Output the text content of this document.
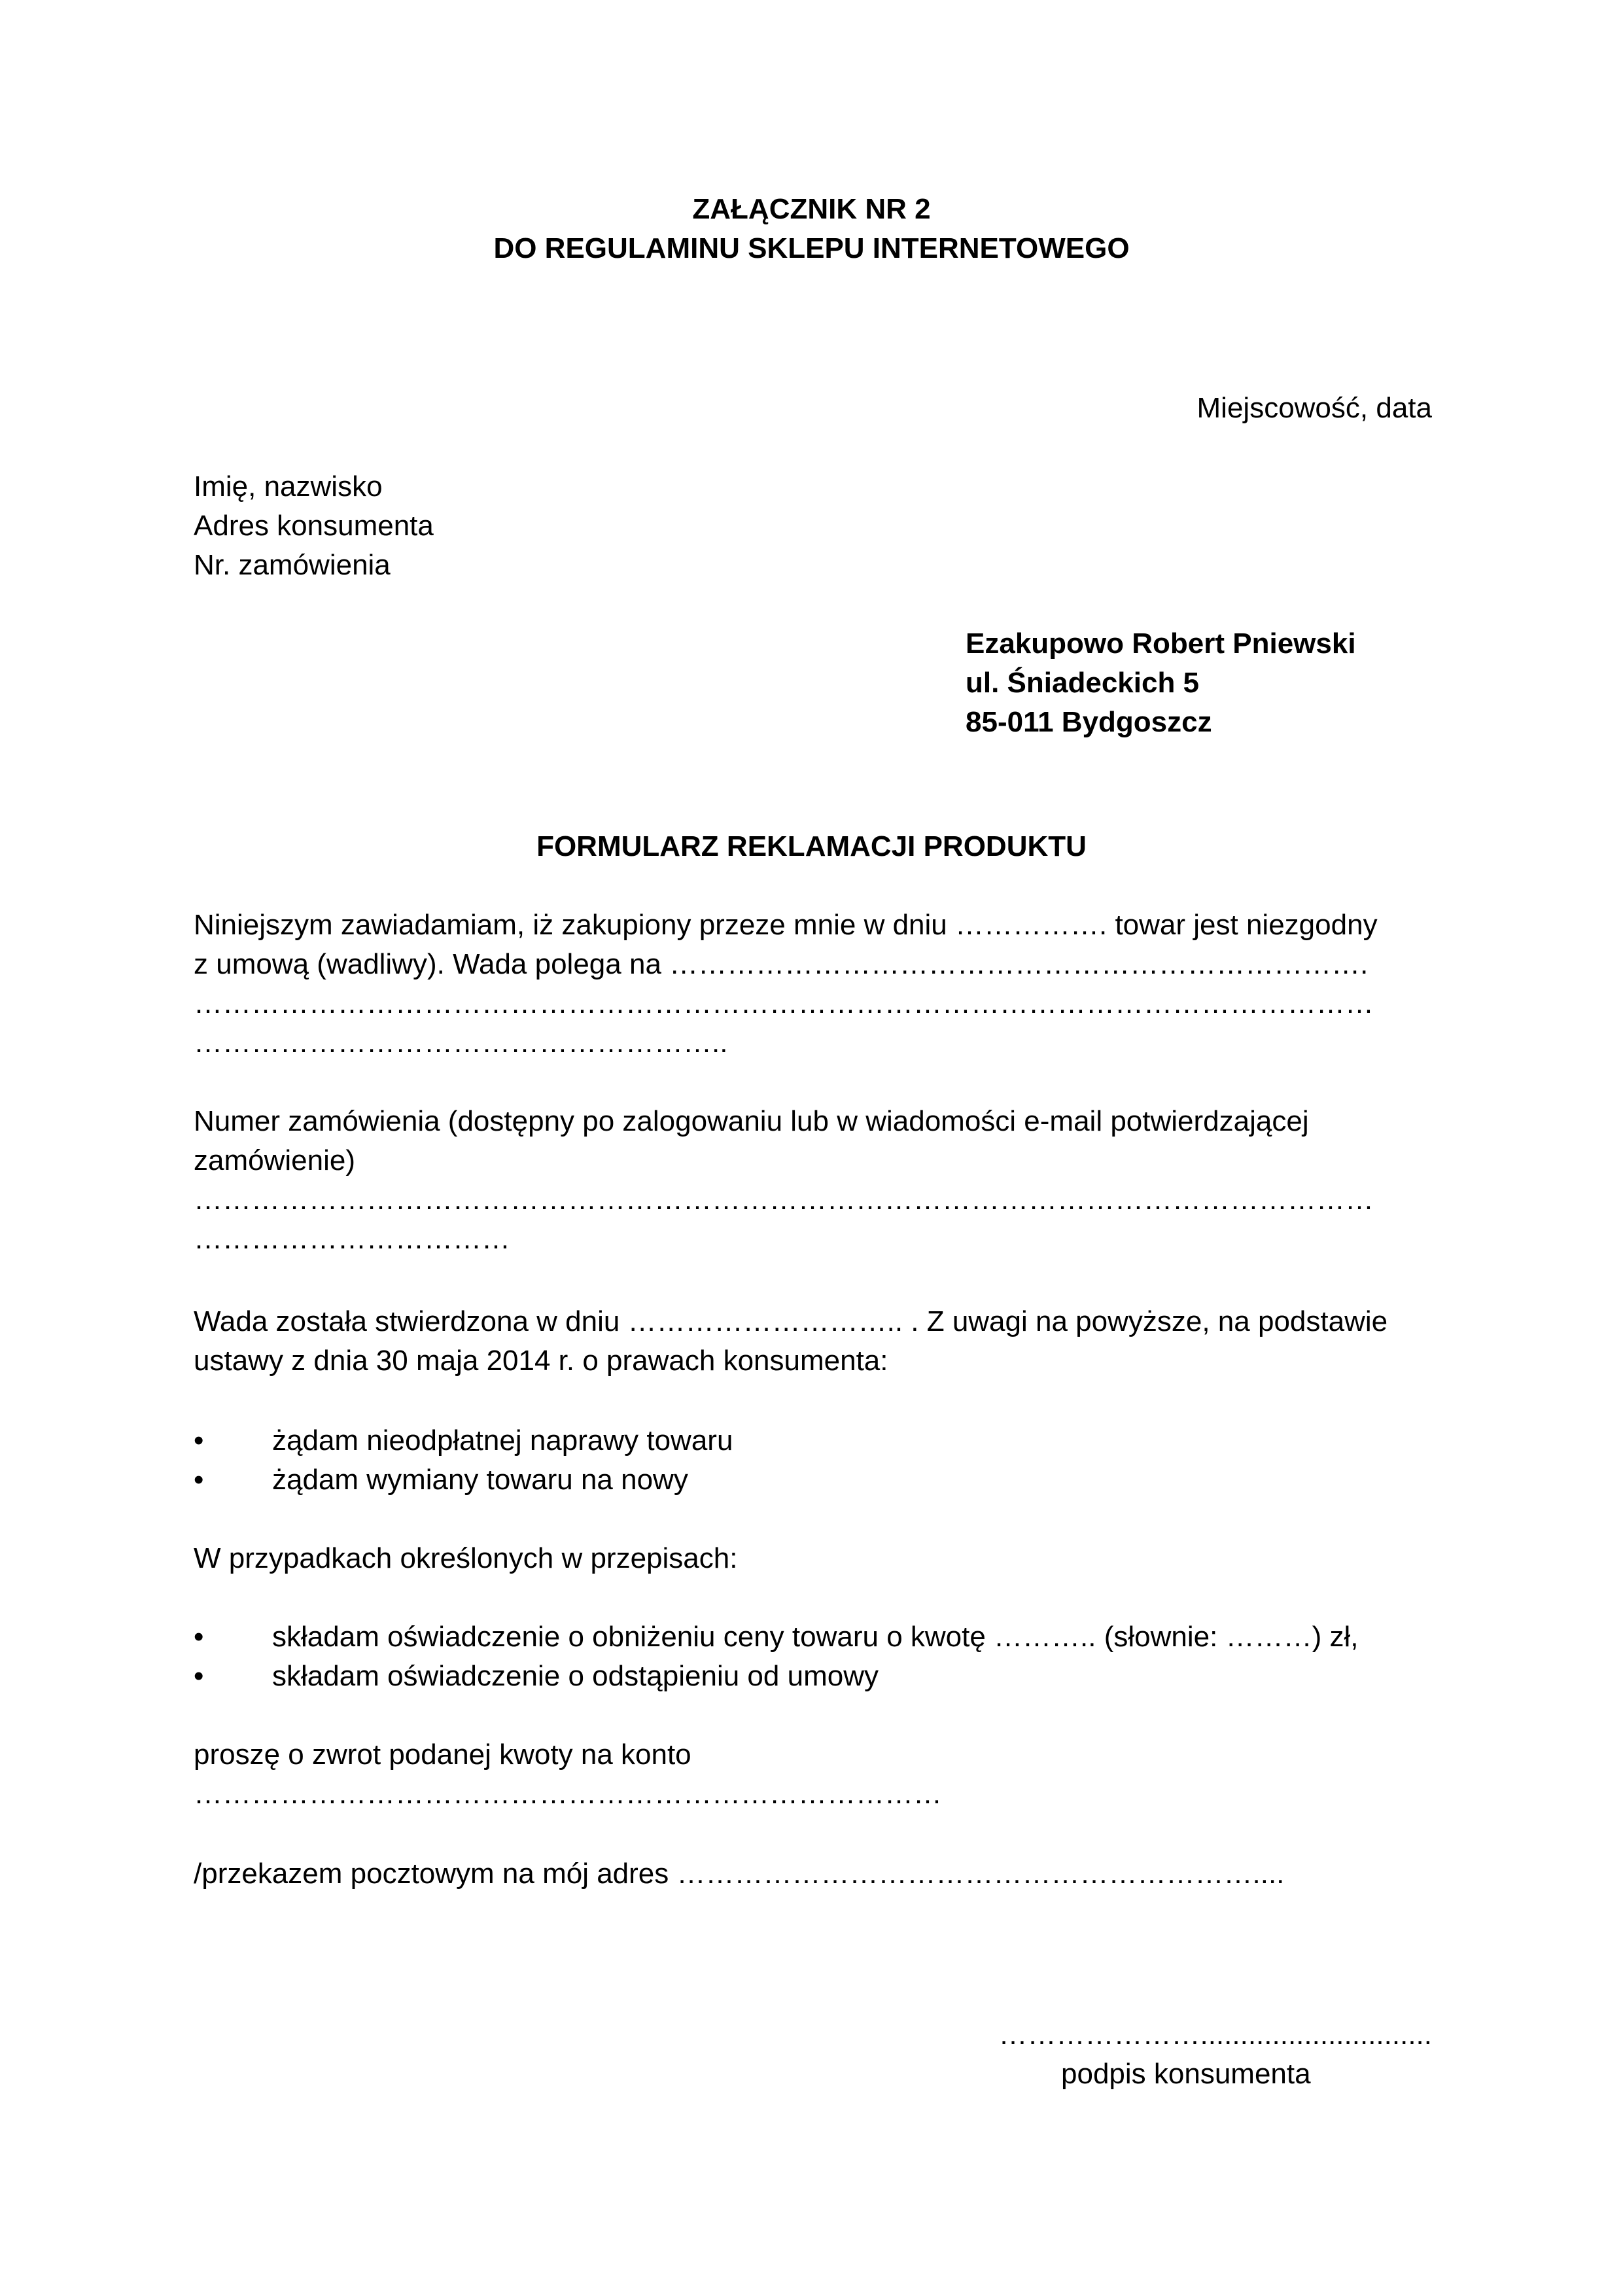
ZAŁĄCZNIK NR 2
DO REGULAMINU SKLEPU INTERNETOWEGO
Miejscowość, data
Imię, nazwisko
Adres konsumenta
Nr. zamówienia
Ezakupowo Robert Pniewski
ul. Śniadeckich 5
85-011 Bydgoszcz
FORMULARZ REKLAMACJI PRODUKTU
Niniejszym zawiadamiam, iż zakupiony przeze mnie w dniu ……………. towar jest niezgodny
z umową (wadliwy). Wada polega na ……………………………………………………………….
……………………………………………………………………………………………………………
………………………………………………..
Numer zamówienia (dostępny po zalogowaniu lub w wiadomości e-mail potwierdzającej
zamówienie)
……………………………………………………………………………………………………………
……………………………
Wada została stwierdzona w dniu ……………………….. . Z uwagi na powyższe, na podstawie
ustawy z dnia 30 maja 2014 r. o prawach konsumenta:
• żądam nieodpłatnej naprawy towaru
• żądam wymiany towaru na nowy
W przypadkach określonych w przepisach:
• składam oświadczenie o obniżeniu ceny towaru o kwotę ……….. (słownie: ………) zł,
• składam oświadczenie o odstąpieniu od umowy
proszę o zwrot podanej kwoty na konto
……………………………………………………………………
/przekazem pocztowym na mój adres ……………………………………………………....
………………….............................
podpis konsumenta
